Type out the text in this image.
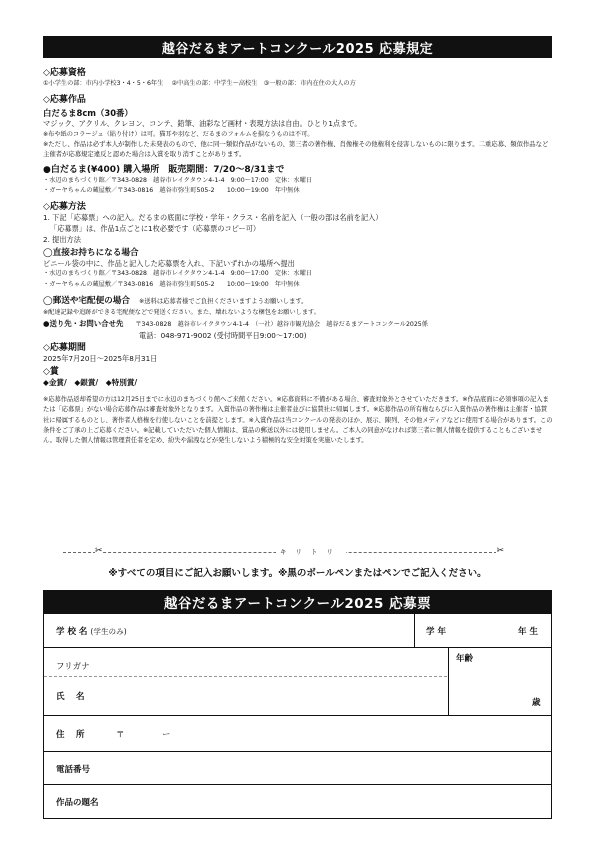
越谷だるまアートコンクール2025 応募規定
◇応募資格
①小学生の部：市内小学校3・4・5・6年生　 ②中高生の部：中学生～高校生　③一般の部：市内在住の大人の方
◇応募作品
白だるま8cm（30番）
マジック、アクリル、クレヨン、コンテ、鉛筆、油彩など画材・表現方法は自由。ひとり1点まで。
※布や紙のコラージュ（貼り付け）は可。猫耳や羽など、だるまのフォルムを損なうものは不可。
※ただし、作品は必ず本人が制作した未発表のもので、他に同一類似作品がないもの、第三者の著作権、肖像権その他権利を侵害しないものに限ります。二重応募、類似作品など主催者が応募規定違反と認めた場合は入賞を取り消すことがあります。
●白だるま(¥400) 購入場所　販売期間：7/20～8/31まで
・水辺のまちづくり館／〒343-0828　越谷市レイクタウン4-1-4　9:00～17:00　定休：水曜日
・ガーヤちゃんの蔵屋敷／〒343-0816　越谷市弥生町505-2　　10:00～19:00　年中無休
◇応募方法
1. 下記「応募票」への記入。だるまの底面に学校・学年・クラス・名前を記入（一般の部は名前を記入）
「応募票」は、作品1点ごとに1枚必要です（応募票のコピー可）
2. 提出方法
◯直接お持ちになる場合
ビニール袋の中に、作品と記入した応募票を入れ、下記いずれかの場所へ提出
・水辺のまちづくり館／〒343-0828　越谷市レイクタウン4-1-4　9:00～17:00　定休：水曜日
・ガーヤちゃんの蔵屋敷／〒343-0816　越谷市弥生町505-2　　10:00～19:00　年中無休
◯郵送や宅配便の場合 ※送料は応募者様でご負担くださいますようお願いします。
※配達記録や追跡ができる宅配便などで発送ください。また、壊れないような梱包をお願いします。
●送り先・お問い合せ先 〒343-0828　越谷市レイクタウン4-1-4　（一社）越谷市観光協会　越谷だるまアートコンクール2025係
電話：048-971-9002 (受付時間平日9:00～17:00)
◇応募期間
2025年7月20日～2025年8月31日
◇賞
◆金賞/　◆銀賞/　◆特別賞/
※応募作品返却希望の方は12月25日までに水辺のまちづくり館へご来館ください。※応募資料に不備がある場合、審査対象外とさせていただきます。※作品底面に必須事項の記入または「応募票」がない場合応募作品は審査対象外となります。入賞作品の著作権は主催者並びに協賛社に帰属します。※応募作品の所有権ならびに入賞作品の著作権は主催者・協賛社に帰属するものとし、著作者人格権を行使しないことを前提とします。※入賞作品は当コンクールの発表のほか、展示、陳列、その他メディアなどに使用する場合があります。この条件をご了承の上ご応募ください。※記載していただいた個人情報は、賞品の郵送以外には使用しません。ご本人の同意がなければ第三者に個人情報を提供することもございません。取得した個人情報は管理責任者を定め、紛失や漏洩などが発生しないよう積極的な安全対策を実施いたします。
✂	キリトリ	✂
※すべての項目にご記入お願いします。※黒のボールペンまたはペンでご記入ください。
越谷だるまアートコンクール2025 応募票
学 校 名 (学生のみ)	学 年	年 生
フリガナ
氏　 名
年齢
歳
住　 所	〒	ー
電話番号
作品の題名
